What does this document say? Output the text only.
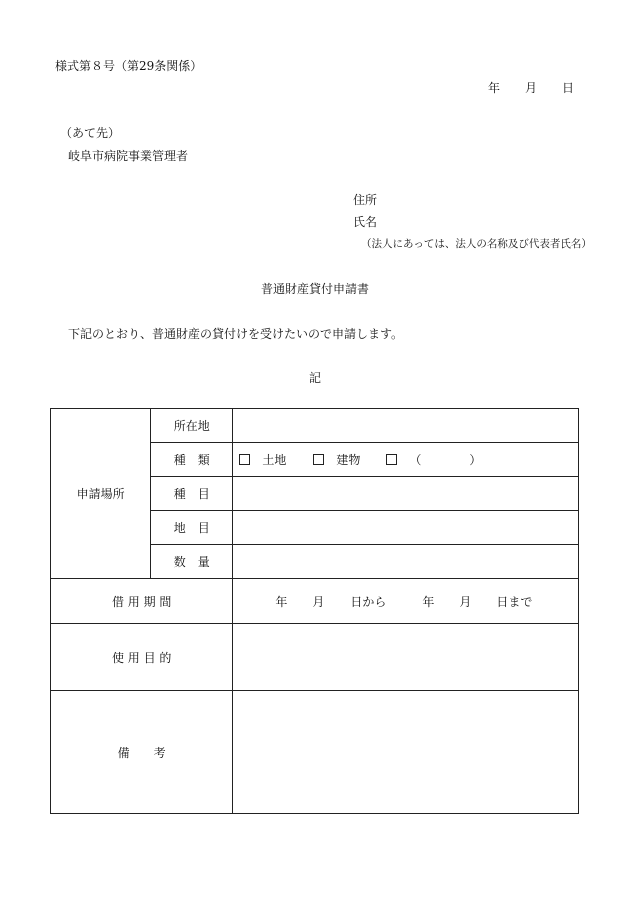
様式第８号（第29条関係）
年	月	日
（あて先）
岐阜市病院事業管理者
住所
氏名
（法人にあっては、法人の名称及び代表者氏名）
普通財産貸付申請書
下記のとおり、普通財産の貸付けを受けたいので申請します。
記
申請場所	所在地	
	種　類	土地 建物 （　　　　）
	種　目	
	地　目	
	数　量	
借 用 期 間		年 月 日から 年 月 日まで
使 用 目 的		
備　　考		
